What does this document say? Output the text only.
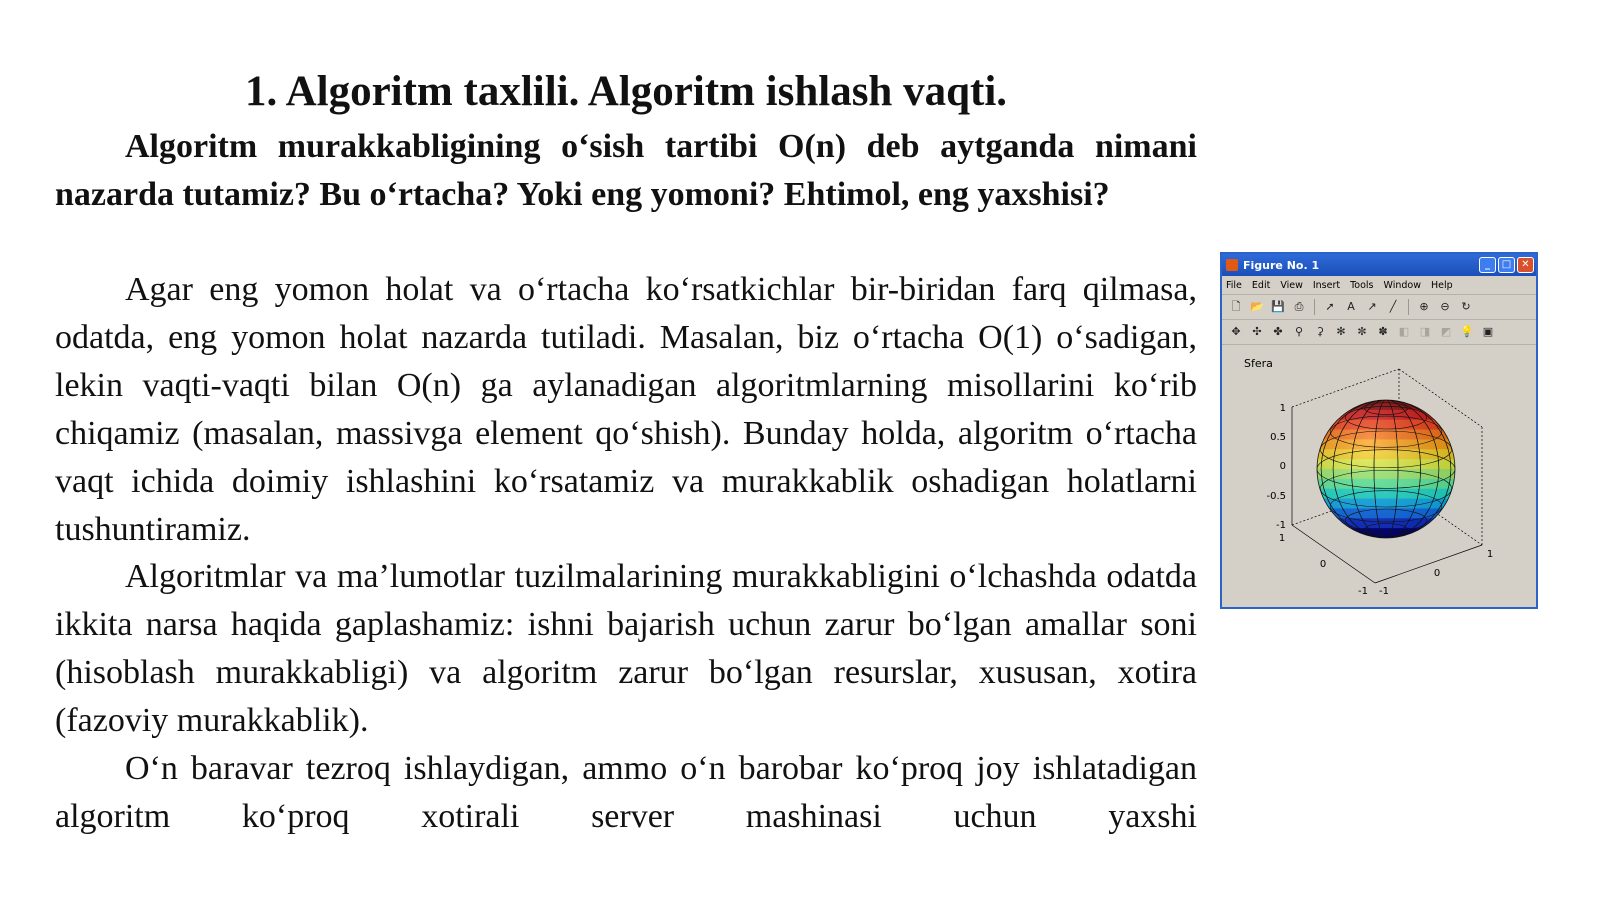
1. Algoritm taxlili. Algoritm ishlash vaqti.

Algoritm murakkabligining o‘sish tartibi O(n) deb aytganda nimani nazarda tutamiz? Bu o‘rtacha? Yoki eng yomoni? Ehtimol, eng yaxshisi?

Agar eng yomon holat va o‘rtacha ko‘rsatkichlar bir-biridan farq qilmasa, odatda, eng yomon holat nazarda tutiladi. Masalan, biz o‘rtacha O(1) o‘sadigan, lekin vaqti-vaqti bilan O(n) ga aylanadigan algoritmlarning misollarini ko‘rib chiqamiz (masalan, massivga element qo‘shish). Bunday holda, algoritm o‘rtacha vaqt ichida doimiy ishlashini ko‘rsatamiz va murakkablik oshadigan holatlarni tushuntiramiz.

Algoritmlar va ma’lumotlar tuzilmalarining murakkabligini o‘lchashda odatda ikkita narsa haqida gaplashamiz: ishni bajarish uchun zarur bo‘lgan amallar soni (hisoblash murakkabligi) va algoritm zarur bo‘lgan resurslar, xususan, xotira (fazoviy murakkablik).

O‘n baravar tezroq ishlaydigan, ammo o‘n barobar ko‘proq joy ishlatadigan algoritm ko‘proq xotirali server mashinasi uchun yaxshi

Figure No. 1	_	□	✕
File Edit View Insert Tools Window Help
🗋 📂 💾 ⎙	➚	A	↗	╱	⊕	⊖	↻
✥	✣	✤	⚲	⚳	✻	✼	✽	◧ ◨ ◩ 💡 ▣
Sfera
1
0.5
0
-0.5
-1
1
0
-1 -1
0
1
